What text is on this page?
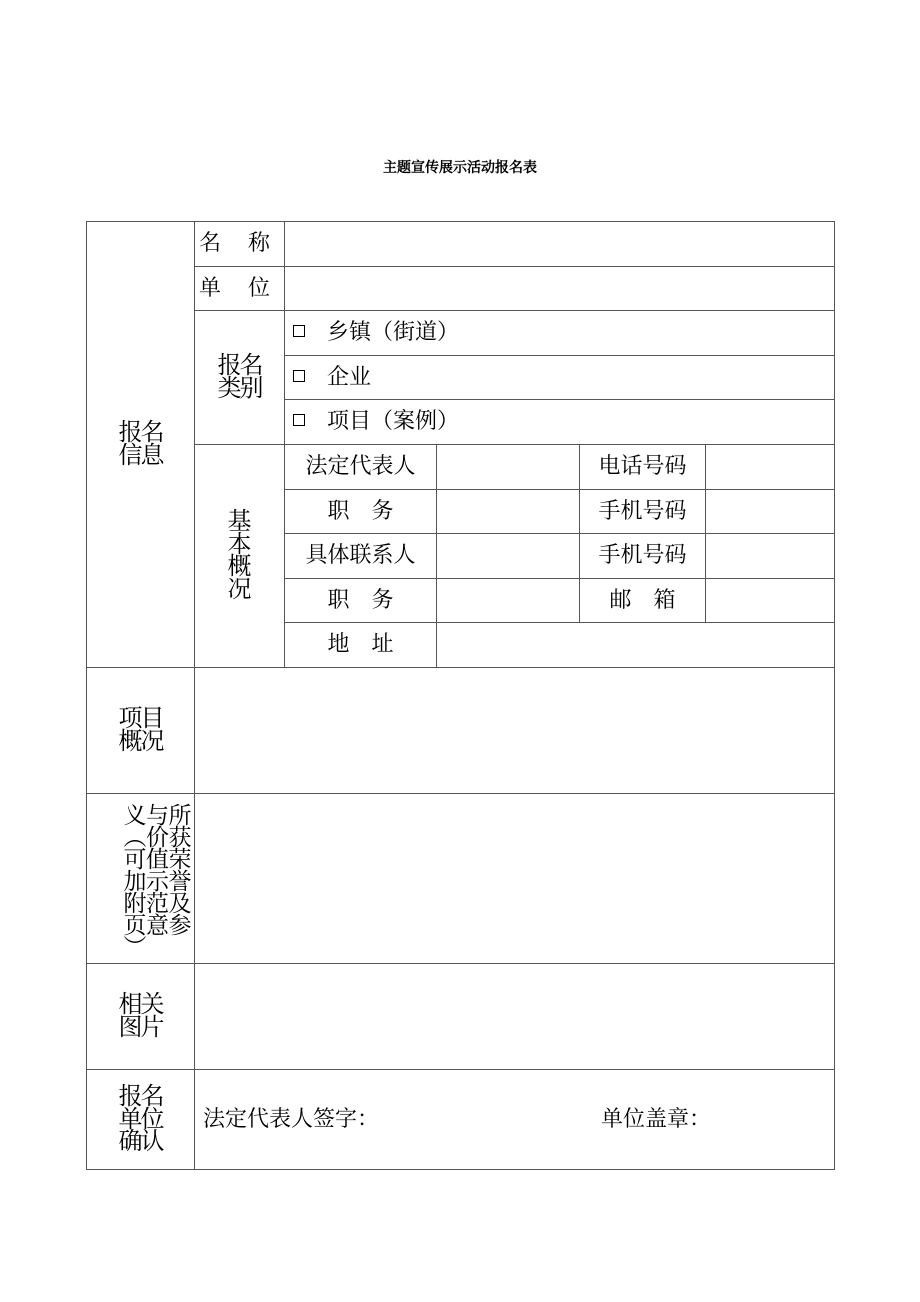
主题宣传展示活动报名表
报名信息	名 称				
	单 位				
	报名类别	乡镇（街道）			
		企业			
		项目（案例）			
	基本概况	法定代表人		电话号码	
		职　务		手机号码	
		具体联系人		手机号码	
		职　务		邮　箱	
		地　址			
项目概况					
所获荣誉及参与价值示范意义（可加附页）					
相关图片					
报名单位确认	法定代表人签字： 单位盖章：				
